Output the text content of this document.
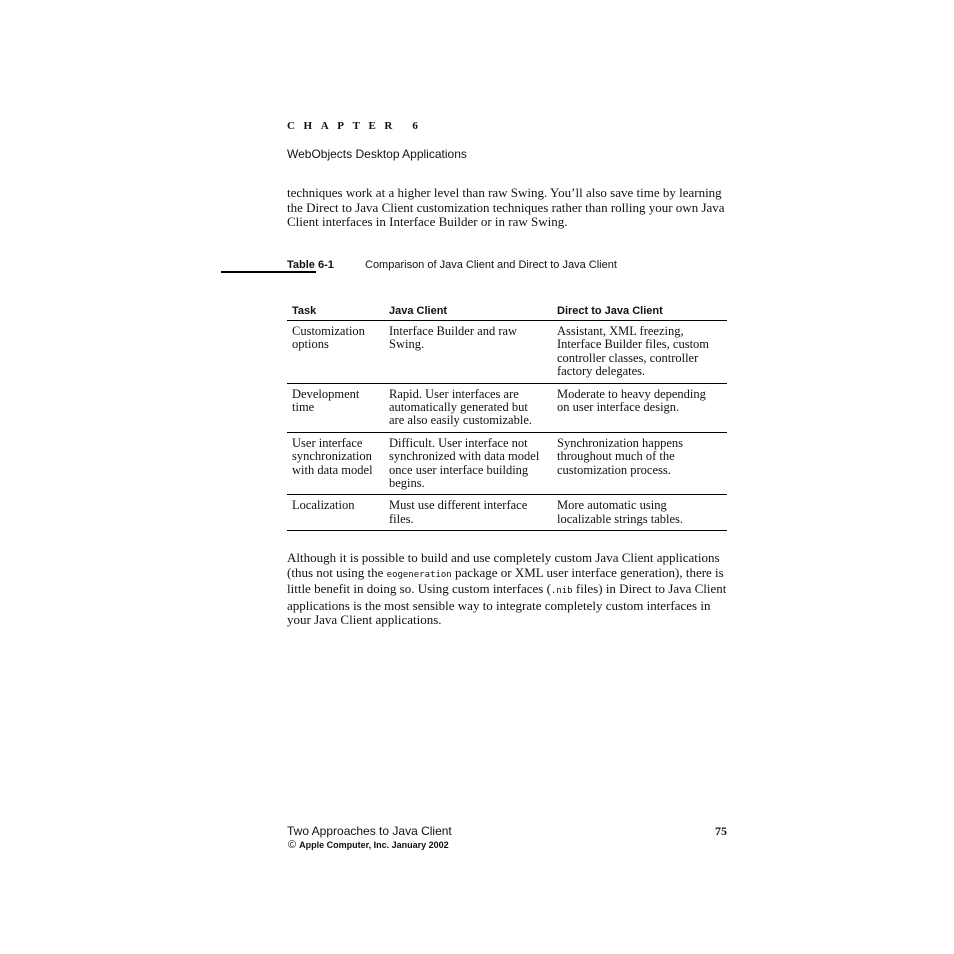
CHAPTER 6
WebObjects Desktop Applications

techniques work at a higher level than raw Swing. You’ll also save time by learning the Direct to Java Client customization techniques rather than rolling your own Java Client interfaces in Interface Builder or in raw Swing.

Table 6-1	Comparison of Java Client and Direct to Java Client
Task	Java Client	Direct to Java Client
Customization options	Interface Builder and raw Swing.	Assistant, XML freezing, Interface Builder files, custom controller classes, controller factory delegates.
Development time	Rapid. User interfaces are automatically generated but are also easily customizable.	Moderate to heavy depending on user interface design.
User interface synchronization with data model	Difficult. User interface not synchronized with data model once user interface building begins.	Synchronization happens throughout much of the customization process.
Localization	Must use different interface files.	More automatic using localizable strings tables.

Although it is possible to build and use completely custom Java Client applications (thus not using the eogeneration package or XML user interface generation), there is little benefit in doing so. Using custom interfaces (.nib files) in Direct to Java Client applications is the most sensible way to integrate completely custom interfaces in your Java Client applications.

Two Approaches to Java Client	75
© Apple Computer, Inc. January 2002
